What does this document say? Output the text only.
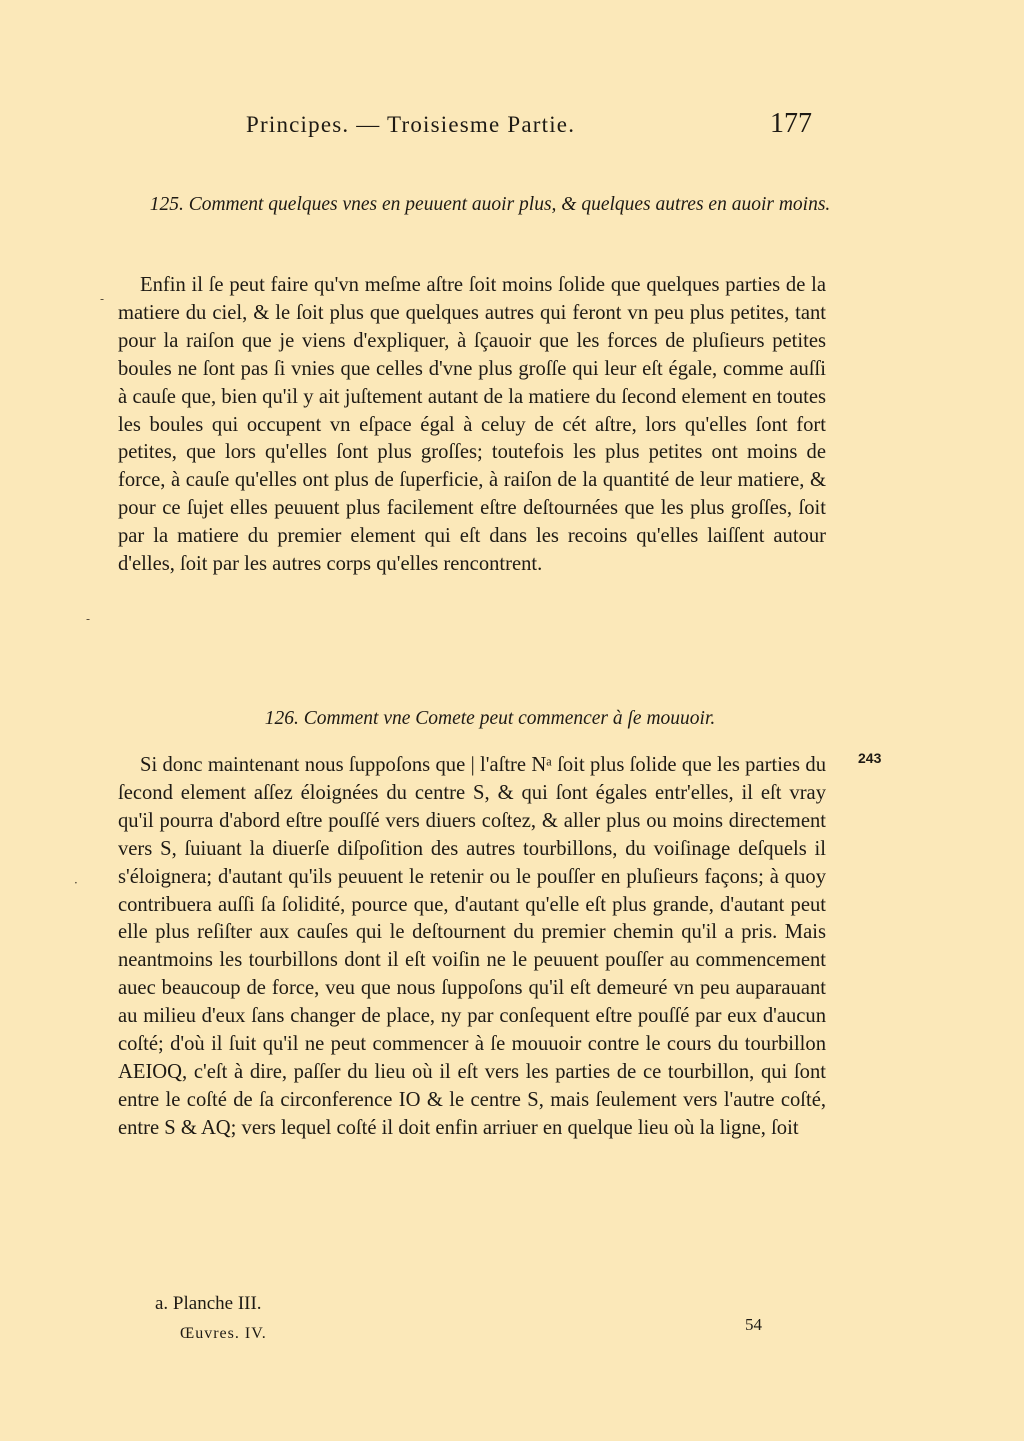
Principes. — Troisiesme Partie.	177
125. Comment quelques vnes en peuuent auoir plus, & quelques autres en auoir moins.

Enfin il ſe peut faire qu'vn meſme aſtre ſoit moins ſolide que quelques parties de la matiere du ciel, & le ſoit plus que quelques autres qui feront vn peu plus petites, tant pour la raiſon que je viens d'expliquer, à ſçauoir que les forces de pluſieurs petites boules ne ſont pas ſi vnies que celles d'vne plus groſſe qui leur eſt égale, comme auſſi à cauſe que, bien qu'il y ait juſtement autant de la matiere du ſecond element en toutes les boules qui occupent vn eſpace égal à celuy de cét aſtre, lors qu'elles ſont fort petites, que lors qu'elles ſont plus groſſes; toutefois les plus petites ont moins de force, à cauſe qu'elles ont plus de ſuperficie, à raiſon de la quantité de leur matiere, & pour ce ſujet elles peuuent plus facilement eſtre deſtournées que les plus groſſes, ſoit par la matiere du premier element qui eſt dans les recoins qu'elles laiſſent autour d'elles, ſoit par les autres corps qu'elles rencontrent.

126. Comment vne Comete peut commencer à ſe mouuoir.

Si donc maintenant nous ſuppoſons que | l'aſtre Nᵃ ſoit plus ſolide que les parties du ſecond element aſſez éloignées du centre S, & qui ſont égales entr'elles, il eſt vray qu'il pourra d'abord eſtre pouſſé vers diuers coſtez, & aller plus ou moins directement vers S, ſuiuant la diuerſe diſpoſition des autres tourbillons, du voiſinage deſquels il s'éloignera; d'autant qu'ils peuuent le retenir ou le pouſſer en pluſieurs façons; à quoy contribuera auſſi ſa ſolidité, pource que, d'autant qu'elle eſt plus grande, d'autant peut elle plus reſiſter aux cauſes qui le deſtournent du premier chemin qu'il a pris. Mais neantmoins les tourbillons dont il eſt voiſin ne le peuuent pouſſer au commencement auec beaucoup de force, veu que nous ſuppoſons qu'il eſt demeuré vn peu auparauant au milieu d'eux ſans changer de place, ny par conſequent eſtre pouſſé par eux d'aucun coſté; d'où il ſuit qu'il ne peut commencer à ſe mouuoir contre le cours du tourbillon AEIOQ, c'eſt à dire, paſſer du lieu où il eſt vers les parties de ce tourbillon, qui ſont entre le coſté de ſa circonference IO & le centre S, mais ſeulement vers l'autre coſté, entre S & AQ; vers lequel coſté il doit enfin arriuer en quelque lieu où la ligne, ſoit

243
a. Planche III.
Œuvres. IV.	54
-
-
·
